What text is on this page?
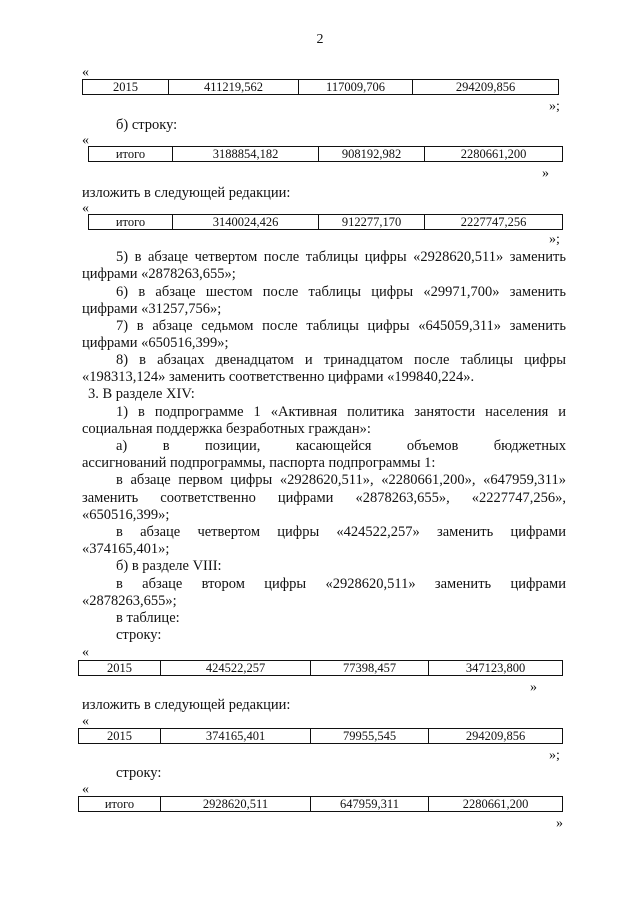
2
«
2015	411219,562	117009,706	294209,856
»;
б) строку:
«
итого	3188854,182	908192,982	2280661,200
»
изложить в следующей редакции:
«
итого	3140024,426	912277,170	2227747,256
»;
5) в абзаце четвертом после таблицы цифры «2928620,511» заменить
цифрами «2878263,655»;
6) в абзаце шестом после таблицы цифры «29971,700» заменить
цифрами «31257,756»;
7) в абзаце седьмом после таблицы цифры «645059,311» заменить
цифрами «650516,399»;
8) в абзацах двенадцатом и тринадцатом после таблицы цифры
«198313,124» заменить соответственно цифрами «199840,224».
3. В разделе XIV:
1) в подпрограмме 1 «Активная политика занятости населения и
социальная поддержка безработных граждан»:
а) в позиции, касающейся объемов бюджетных
ассигнований подпрограммы, паспорта подпрограммы 1:
в абзаце первом цифры «2928620,511», «2280661,200», «647959,311»
заменить соответственно цифрами «2878263,655», «2227747,256»,
«650516,399»;
в абзаце четвертом цифры «424522,257» заменить цифрами
«374165,401»;
б) в разделе VIII:
в абзаце втором цифры «2928620,511» заменить цифрами
«2878263,655»;
в таблице:
строку:
«
2015	424522,257	77398,457	347123,800
»
изложить в следующей редакции:
«
2015	374165,401	79955,545	294209,856
»;
строку:
«
итого	2928620,511	647959,311	2280661,200
»
